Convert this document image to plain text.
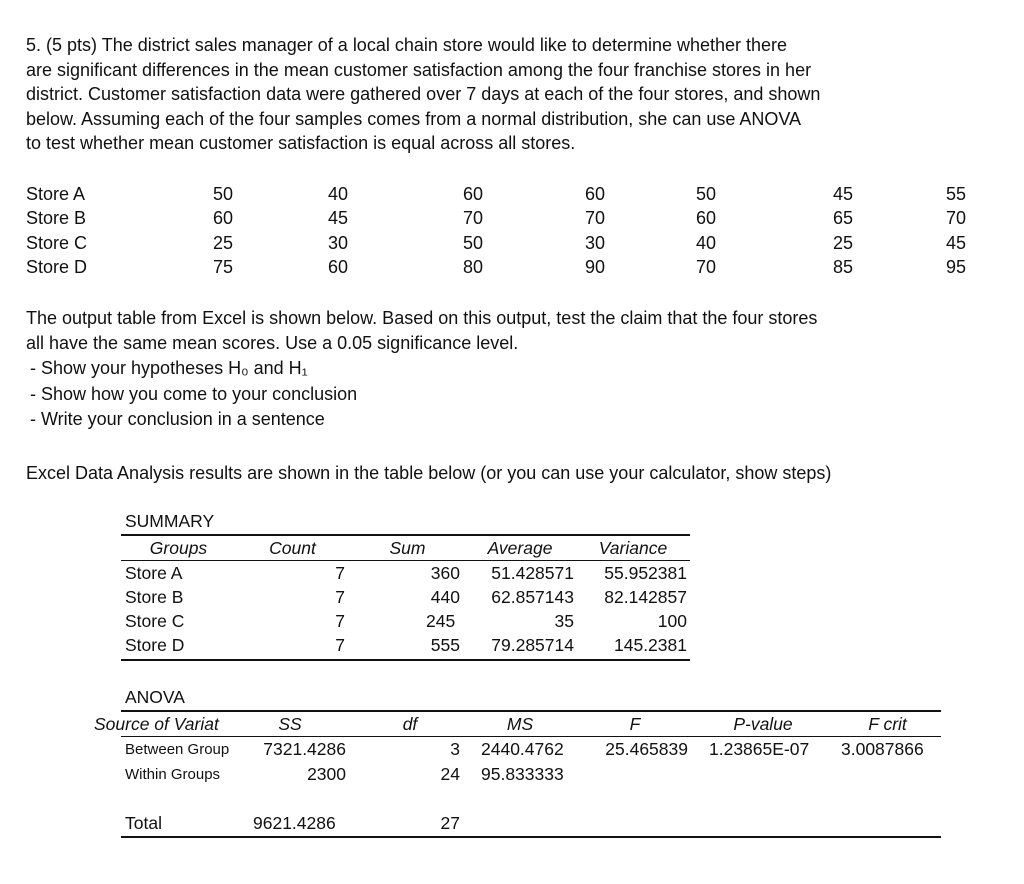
5. (5 pts) The district sales manager of a local chain store would like to determine whether there
are significant differences in the mean customer satisfaction among the four franchise stores in her
district. Customer satisfaction data were gathered over 7 days at each of the four stores, and shown
below. Assuming each of the four samples comes from a normal distribution, she can use ANOVA
to test whether mean customer satisfaction is equal across all stores.

Store A	50	40	60	60	50	45	55
Store B	60	45	70	70	60	65	70
Store C	25	30	50	30	40	25	45
Store D	75	60	80	90	70	85	95

The output table from Excel is shown below. Based on this output, test the claim that the four stores
all have the same mean scores. Use a 0.05 significance level.

- Show your hypotheses H₀ and H₁
- Show how you come to your conclusion
- Write your conclusion in a sentence

Excel Data Analysis results are shown in the table below (or you can use your calculator, show steps)

SUMMARY
Groups	Count	Sum	Average	Variance
Store A	7	360	51.428571	55.952381
Store B	7	440	62.857143	82.142857
Store C	7	245	35	100
Store D	7	555	79.285714	145.2381
ANOVA
Source of Variat	SS	df	MS	F	P-value	F crit
Between Group	7321.4286	3 2440.4762	25.465839 1.23865E-07 3.0087866
Within Groups	2300	24 95.833333
Total	9621.4286	27
